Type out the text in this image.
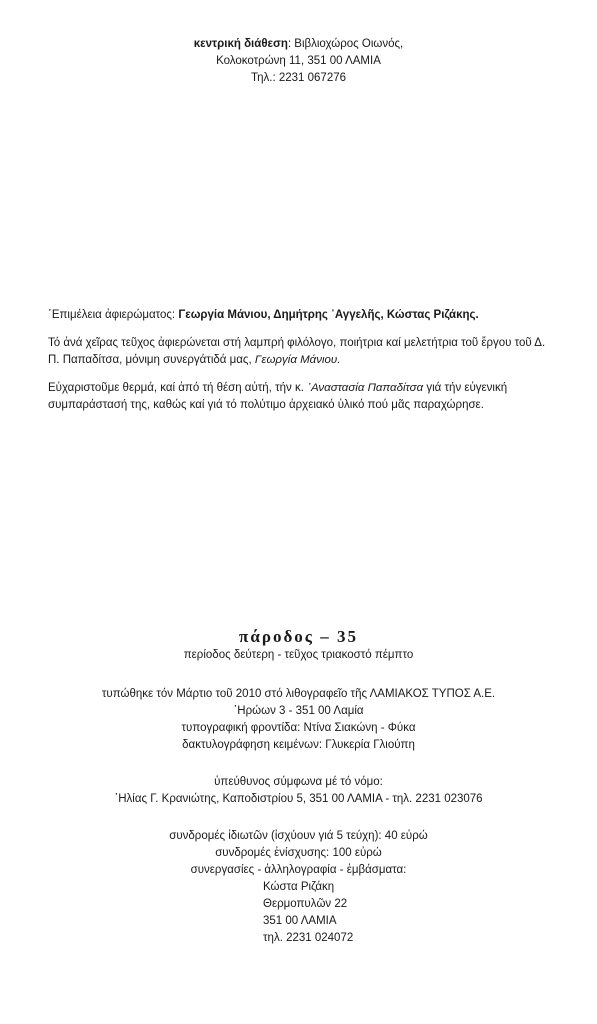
κεντρική διάθεση: Βιβλιοχώρος Οιωνός,
Κολοκοτρώνη 11, 351 00 ΛΑΜΙΑ
Τηλ.: 2231 067276

῾Επιμέλεια ἀφιερώματος: Γεωργία Μάνιου, Δημήτρης ῾Αγγελῆς, Κώστας Ριζάκης.

Τό ἀνά χεῖρας τεῦχος ἀφιερώνεται στή λαμπρή φιλόλογο, ποιήτρια καί μελετήτρια τοῦ ἔργου τοῦ Δ. Π. Παπαδίτσα, μόνιμη συνεργάτιδά μας, Γεωργία Μάνιου.

Εὐχαριστοῦμε θερμά, καί ἀπό τή θέση αὐτή, τήν κ. ᾿Αναστασία Παπαδίτσα γιά τήν εὐγενική συμπαράστασή της, καθώς καί γιά τό πολύτιμο ἀρχειακό ὑλικό πού μᾶς παραχώρησε.

πάροδος – 35
περίοδος δεύτερη - τεῦχος τριακοστό πέμπτο
τυπώθηκε τόν Μάρτιο τοῦ 2010 στό λιθογραφεῖο τῆς ΛΑΜΙΑΚΟΣ ΤΥΠΟΣ Α.Ε.
῾Ηρώων 3 - 351 00 Λαμία
τυπογραφική φροντίδα: Ντίνα Σιακώνη - Φύκα
δακτυλογράφηση κειμένων: Γλυκερία Γλιούπη
ὑπεύθυνος σύμφωνα μέ τό νόμο:
᾿Ηλίας Γ. Κρανιώτης, Καποδιστρίου 5, 351 00 ΛΑΜΙΑ - τηλ. 2231 023076
συνδρομές ἰδιωτῶν (ἰσχύουν γιά 5 τεύχη): 40 εὐρώ
συνδρομές ἐνίσχυσης: 100 εὐρώ
συνεργασίες - ἀλληλογραφία - ἐμβάσματα:
Κώστα Ριζάκη
Θερμοπυλῶν 22
351 00 ΛΑΜΙΑ
τηλ. 2231 024072
